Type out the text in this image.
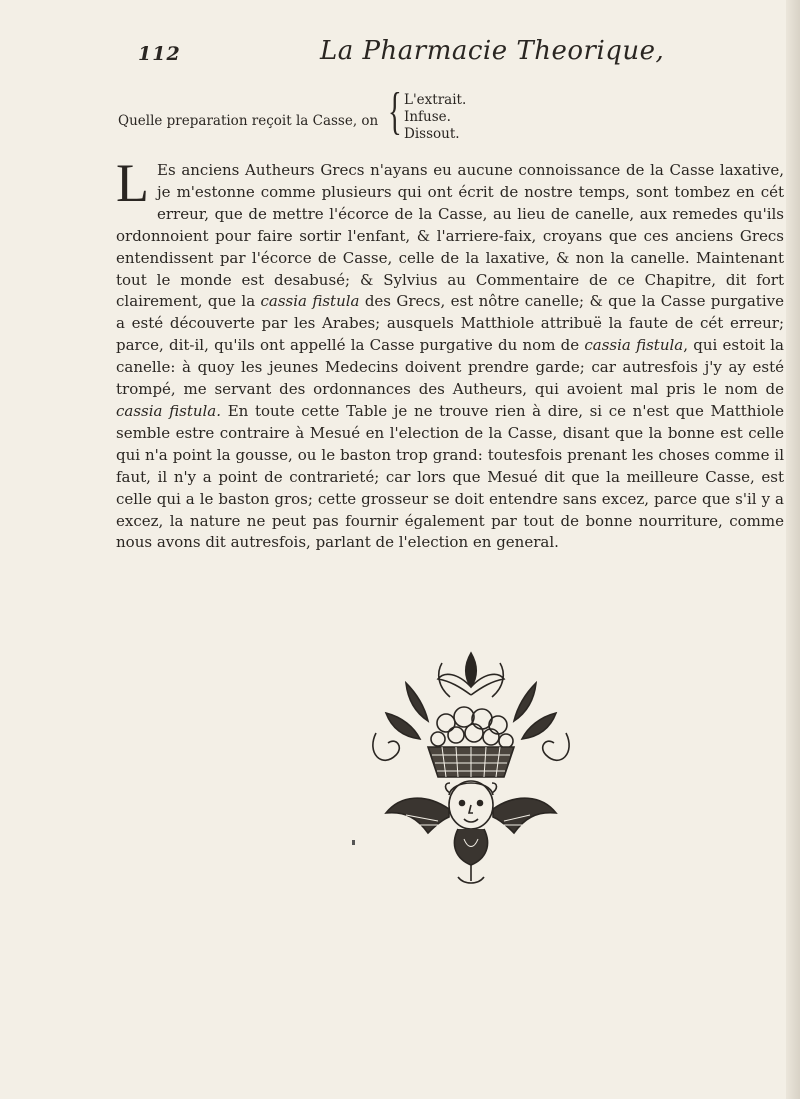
112	La Pharmacie Theorique,
Quelle preparation reçoit la Casse, on { L'extrait.
Infuse.
Dissout.
L Es anciens Autheurs Grecs n'ayans eu aucune connoissance de la Casse laxative, je m'estonne comme plusieurs qui ont écrit de nostre temps, sont tombez en cét erreur, que de mettre l'écorce de la Casse, au lieu de canelle, aux remedes qu'ils ordonnoient pour faire sortir l'enfant, & l'arriere-faix, croyans que ces anciens Grecs entendissent par l'écorce de Casse, celle de la laxative, & non la canelle. Maintenant tout le monde est desabusé; & Sylvius au Commentaire de ce Chapitre, dit fort clairement, que la cassia fistula des Grecs, est nôtre canelle; & que la Casse purgative a esté découverte par les Arabes; ausquels Matthiole attribuë la faute de cét erreur; parce, dit-il, qu'ils ont appellé la Casse purgative du nom de cassia fistula, qui estoit la canelle: à quoy les jeunes Medecins doivent prendre garde; car autresfois j'y ay esté trompé, me servant des ordonnances des Autheurs, qui avoient mal pris le nom de cassia fistula. En toute cette Table je ne trouve rien à dire, si ce n'est que Matthiole semble estre contraire à Mesué en l'election de la Casse, disant que la bonne est celle qui n'a point la gousse, ou le baston trop grand: toutesfois prenant les choses comme il faut, il n'y a point de contrarieté; car lors que Mesué dit que la meilleure Casse, est celle qui a le baston gros; cette grosseur se doit entendre sans excez, parce que s'il y a excez, la nature ne peut pas fournir également par tout de bonne nourriture, comme nous avons dit autresfois, parlant de l'election en general.
